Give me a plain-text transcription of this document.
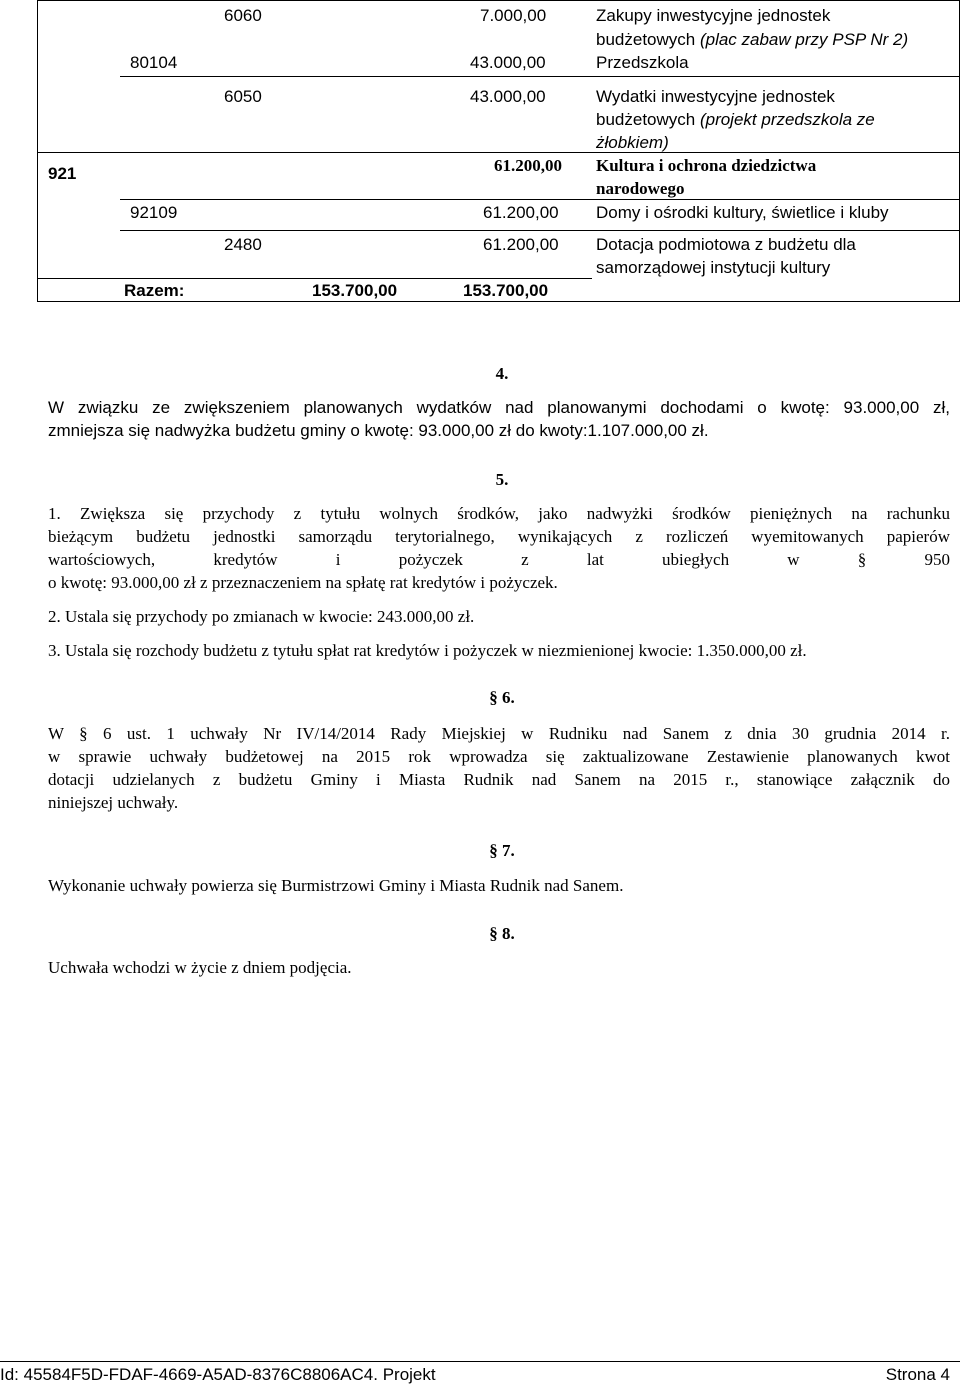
6060	7.000,00	Zakupy inwestycyjne jednostek
budżetowych (plac zabaw przy PSP Nr 2)
80104	43.000,00	Przedszkola
6050	43.000,00	Wydatki inwestycyjne jednostek
budżetowych (projekt przedszkola ze
żłobkiem)
921	61.200,00 Kultura i ochrona dziedzictwa
narodowego
92109	61.200,00 Domy i ośrodki kultury, świetlice i kluby
2480	61.200,00 Dotacja podmiotowa z budżetu dla
samorządowej instytucji kultury
Razem:	153.700,00	153.700,00
4.
W związku ze zwiększeniem planowanych wydatków nad planowanymi dochodami o kwotę: 93.000,00 zł,
zmniejsza się nadwyżka budżetu gminy o kwotę: 93.000,00 zł do kwoty:1.107.000,00 zł.
5.
1. Zwiększa się przychody z tytułu wolnych środków, jako nadwyżki środków pieniężnych na rachunku
bieżącym budżetu jednostki samorządu terytorialnego, wynikających z rozliczeń wyemitowanych papierów
wartościowych, kredytów i pożyczek z lat ubiegłych w § 950
o kwotę: 93.000,00 zł z przeznaczeniem na spłatę rat kredytów i pożyczek.
2. Ustala się przychody po zmianach w kwocie: 243.000,00 zł.
3. Ustala się rozchody budżetu z tytułu spłat rat kredytów i pożyczek w niezmienionej kwocie: 1.350.000,00 zł.
§ 6.
W § 6 ust. 1 uchwały Nr IV/14/2014 Rady Miejskiej w Rudniku nad Sanem z dnia 30 grudnia 2014 r.
w sprawie uchwały budżetowej na 2015 rok wprowadza się zaktualizowane Zestawienie planowanych kwot
dotacji udzielanych z budżetu Gminy i Miasta Rudnik nad Sanem na 2015 r., stanowiące załącznik do
niniejszej uchwały.
§ 7.
Wykonanie uchwały powierza się Burmistrzowi Gminy i Miasta Rudnik nad Sanem.
§ 8.
Uchwała wchodzi w życie z dniem podjęcia.
Id: 45584F5D-FDAF-4669-A5AD-8376C8806AC4. Projekt	Strona 4
